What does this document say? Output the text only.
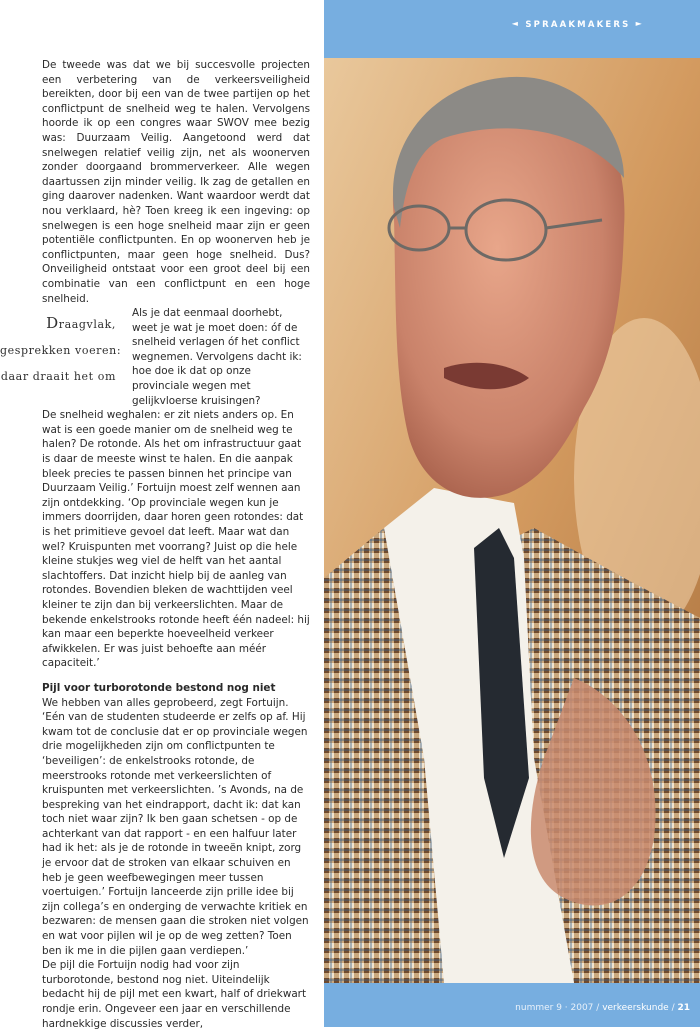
De tweede was dat we bij succesvolle projecten een verbetering van de verkeersveiligheid bereikten, door bij een van de twee partijen op het conflictpunt de snelheid weg te halen. Vervolgens hoorde ik op een congres waar SWOV mee bezig was: Duurzaam Veilig. Aangetoond werd dat snelwegen relatief veilig zijn, net als woonerven zonder doorgaand brommerverkeer. Alle wegen daartussen zijn minder veilig. Ik zag de getallen en ging daarover nadenken. Want waardoor werdt dat nou verklaard, hè? Toen kreeg ik een ingeving: op snelwegen is een hoge snelheid maar zijn er geen potentiële conflictpunten. En op woonerven heb je conflictpunten, maar geen hoge snelheid. Dus? Onveiligheid ontstaat voor een groot deel bij een combinatie van een conflictpunt en een hoge snelheid.

Draagvlak,
gesprekken voeren:
daar draait het om

Als je dat eenmaal doorhebt, weet je wat je moet doen: óf de snelheid verlagen óf het conflict wegnemen. Vervolgens dacht ik: hoe doe ik dat op onze provinciale wegen met gelijkvloerse kruisingen?

De snelheid weghalen: er zit niets anders op. En wat is een goede manier om de snelheid weg te halen? De rotonde. Als het om infrastructuur gaat is daar de meeste winst te halen. En die aanpak bleek precies te passen binnen het principe van Duurzaam Veilig.’ Fortuijn moest zelf wennen aan zijn ontdekking. ‘Op provinciale wegen kun je immers doorrijden, daar horen geen rotondes: dat is het primitieve gevoel dat leeft. Maar wat dan wel? Kruispunten met voorrang? Juist op die hele kleine stukjes weg viel de helft van het aantal slachtoffers. Dat inzicht hielp bij de aanleg van rotondes. Bovendien bleken de wachttijden veel kleiner te zijn dan bij verkeerslichten. Maar de bekende enkelstrooks rotonde heeft één nadeel: hij kan maar een beperkte hoeveelheid verkeer afwikkelen. Er was juist behoefte aan méér capaciteit.’

Pijl voor turborotonde bestond nog niet

We hebben van alles geprobeerd, zegt Fortuijn. ‘Eén van de studenten studeerde er zelfs op af. Hij kwam tot de conclusie dat er op provinciale wegen drie mogelijkheden zijn om conflictpunten te ‘beveiligen’: de enkelstrooks rotonde, de meerstrooks rotonde met verkeerslichten of kruispunten met verkeerslichten. ’s Avonds, na de bespreking van het eindrapport, dacht ik: dat kan toch niet waar zijn? Ik ben gaan schetsen - op de achterkant van dat rapport - en een halfuur later had ik het: als je de rotonde in tweeën knipt, zorg je ervoor dat de stroken van elkaar schuiven en heb je geen weefbewegingen meer tussen voertuigen.’ Fortuijn lanceerde zijn prille idee bij zijn collega’s en onderging de verwachte kritiek en bezwaren: de mensen gaan die stroken niet volgen en wat voor pijlen wil je op de weg zetten? Toen ben ik me in die pijlen gaan verdiepen.’

De pijl die Fortuijn nodig had voor zijn turborotonde, bestond nog niet. Uiteindelijk bedacht hij de pijl met een kwart, half of driekwart rondje erin. Ongeveer een jaar en verschillende hardnekkige discussies verder,

◄ SPRAAKMAKERS ►
nummer 9 · 2007 / verkeerskunde / 21
